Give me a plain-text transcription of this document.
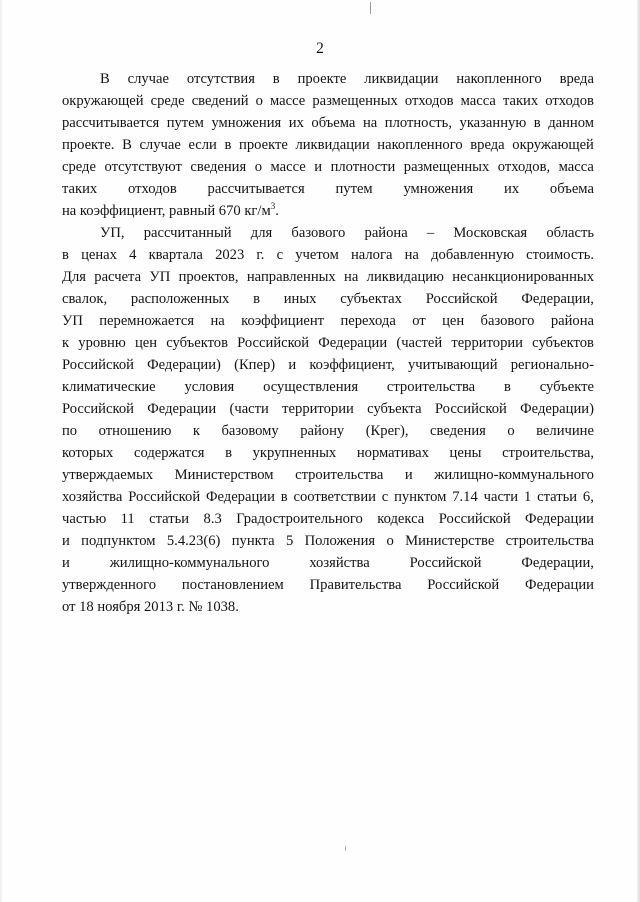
2
В случае отсутствия в проекте ликвидации накопленного вреда
окружающей среде сведений о массе размещенных отходов масса таких отходов
рассчитывается путем умножения их объема на плотность, указанную в данном
проекте. В случае если в проекте ликвидации накопленного вреда окружающей
среде отсутствуют сведения о массе и плотности размещенных отходов, масса
таких отходов рассчитывается путем умножения их объема
на коэффициент, равный 670 $кг/м^3$.
УП, рассчитанный для базового района – Московская область
в ценах 4 квартала 2023 г. с учетом налога на добавленную стоимость.
Для расчета УП проектов, направленных на ликвидацию несанкционированных
свалок, расположенных в иных субъектах Российской Федерации,
УП перемножается на коэффициент перехода от цен базового района
к уровню цен субъектов Российской Федерации (частей территории субъектов
Российской Федерации) (Кпер) и коэффициент, учитывающий регионально-
климатические условия осуществления строительства в субъекте
Российской Федерации (части территории субъекта Российской Федерации)
по отношению к базовому району (Крег), сведения о величине
которых содержатся в укрупненных нормативах цены строительства,
утверждаемых Министерством строительства и жилищно-коммунального
хозяйства Российской Федерации в соответствии с пунктом 7.14 части 1 статьи 6,
частью 11 статьи 8.3 Градостроительного кодекса Российской Федерации
и подпунктом 5.4.23(6) пункта 5 Положения о Министерстве строительства
и	жилищно-коммунального	хозяйства	Российской	Федерации,
утвержденного постановлением Правительства Российской Федерации
от 18 ноября 2013 г. № 1038.
